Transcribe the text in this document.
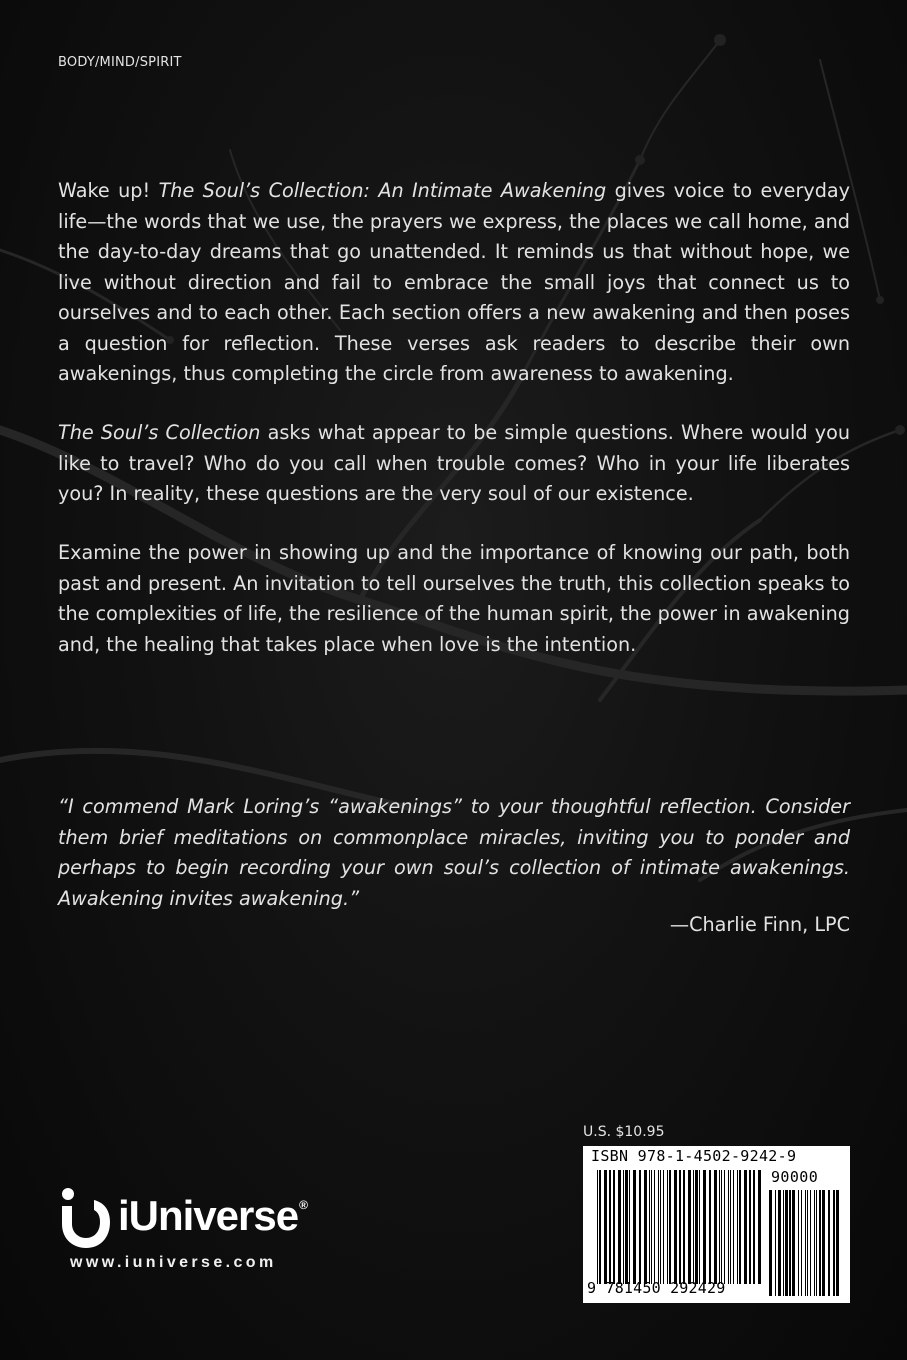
BODY/MIND/SPIRIT

Wake up! The Soul’s Collection: An Intimate Awakening gives voice to everyday life—the words that we use, the prayers we express, the places we call home, and the day-to-day dreams that go unattended. It reminds us that without hope, we live without direction and fail to embrace the small joys that connect us to ourselves and to each other. Each section offers a new awakening and then poses a question for reflection. These verses ask readers to describe their own awakenings, thus completing the circle from awareness to awakening.

The Soul’s Collection asks what appear to be simple questions. Where would you like to travel? Who do you call when trouble comes? Who in your life liberates you? In reality, these questions are the very soul of our existence.

Examine the power in showing up and the importance of knowing our path, both past and present. An invitation to tell ourselves the truth, this collection speaks to the complexities of life, the resilience of the human spirit, the power in awakening and, the healing that takes place when love is the intention.

“I commend Mark Loring’s “awakenings” to your thoughtful reflection. Consider them brief meditations on commonplace miracles, inviting you to ponder and perhaps to begin recording your own soul’s collection of intimate awakenings. Awakening invites awakening.”

—Charlie Finn, LPC
U.S. $10.95
ISBN 978-1-4502-9242-9
90000
9 781450 292429
iUniverse®
www.iuniverse.com
